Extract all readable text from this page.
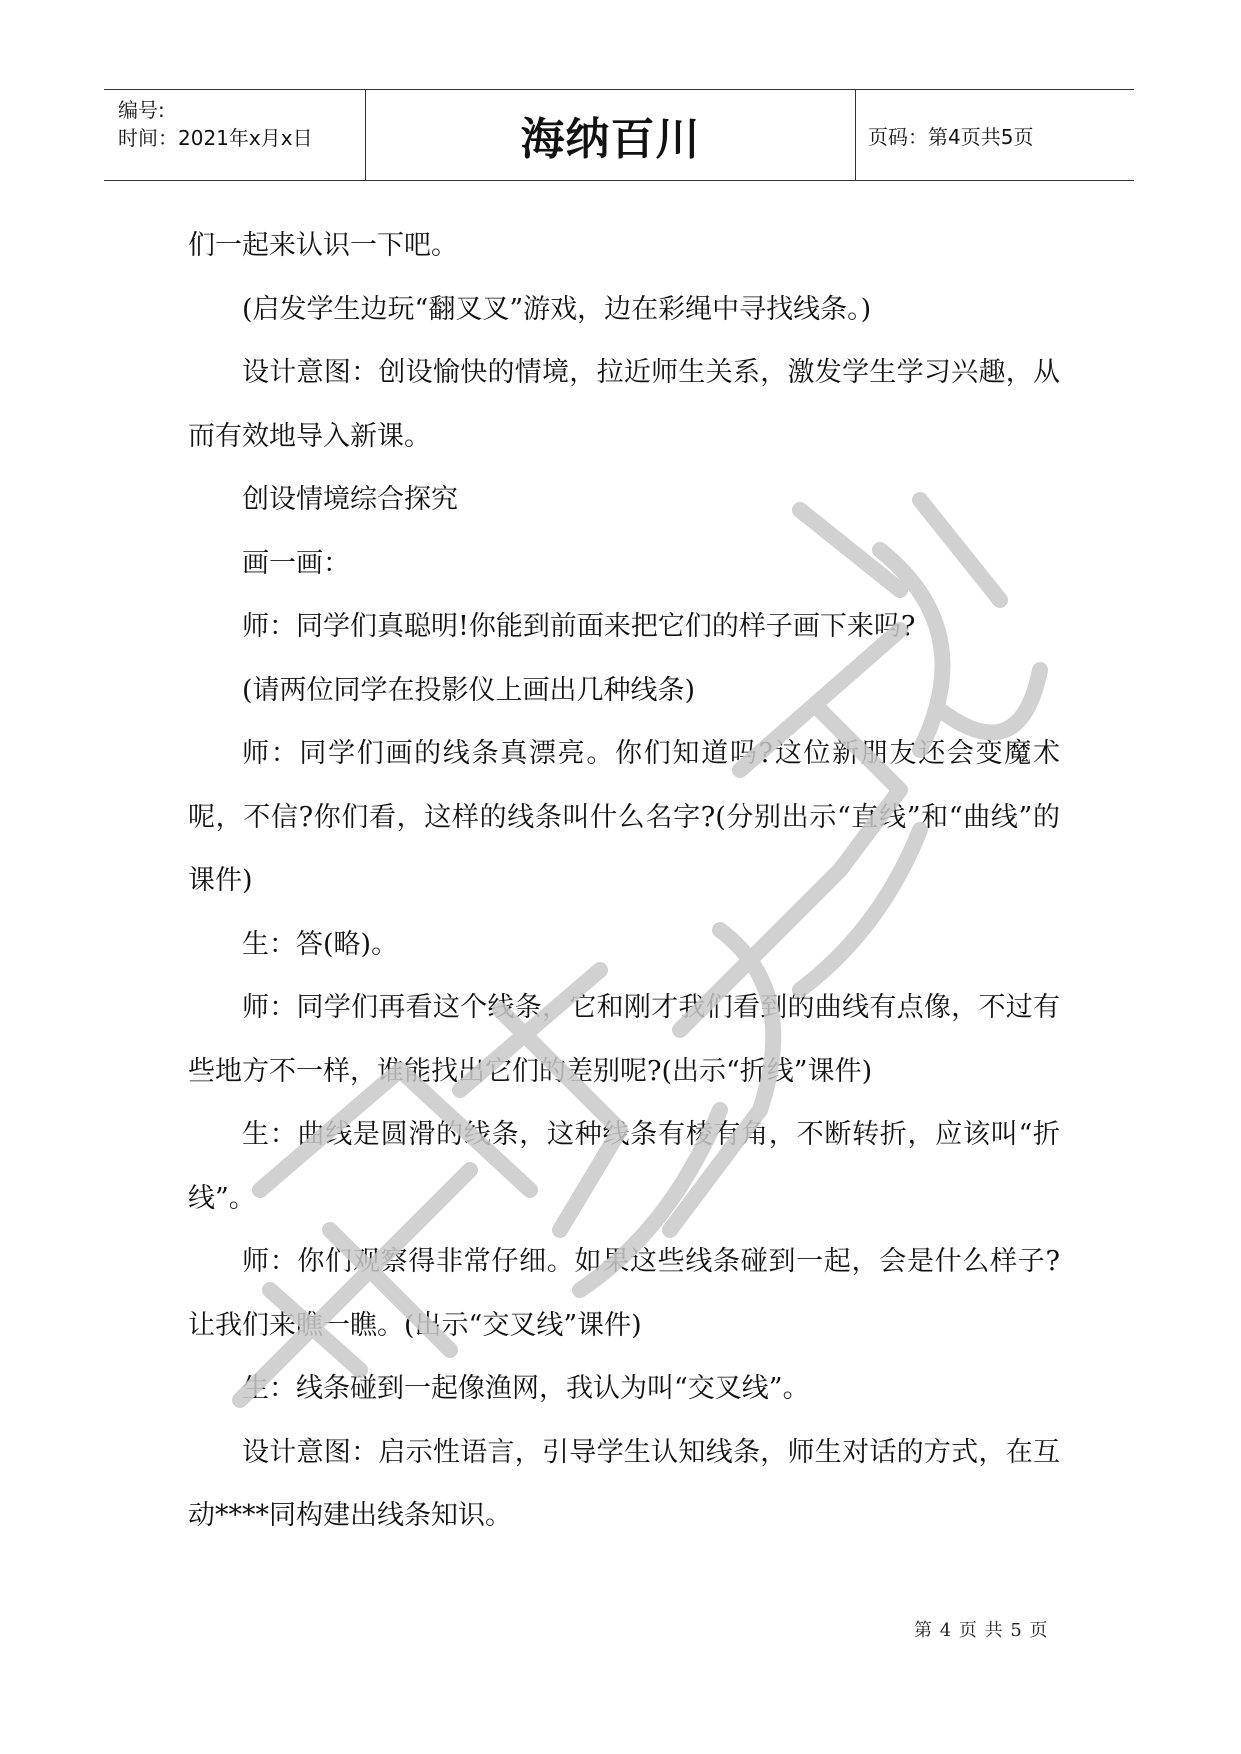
编号:
时间：2021年x月x日	海纳百川	页码：第4页共5页

们一起来认识一下吧。

(启发学生边玩“翻叉叉”游戏，边在彩绳中寻找线条。)

设计意图：创设愉快的情境，拉近师生关系，激发学生学习兴趣，从而有效地导入新课。

创设情境综合探究

画一画：

师：同学们真聪明!你能到前面来把它们的样子画下来吗?

(请两位同学在投影仪上画出几种线条)

师：同学们画的线条真漂亮。你们知道吗?这位新朋友还会变魔术呢，不信?你们看，这样的线条叫什么名字?(分别出示“直线”和“曲线”的课件)

生：答(略)。

师：同学们再看这个线条，它和刚才我们看到的曲线有点像，不过有些地方不一样，谁能找出它们的差别呢?(出示“折线”课件)

生：曲线是圆滑的线条，这种线条有棱有角，不断转折，应该叫“折线”。

师：你们观察得非常仔细。如果这些线条碰到一起，会是什么样子?让我们来瞧一瞧。(出示“交叉线”课件)

生：线条碰到一起像渔网，我认为叫“交叉线”。

设计意图：启示性语言，引导学生认知线条，师生对话的方式，在互动****同构建出线条知识。

第 4 页 共 5 页
